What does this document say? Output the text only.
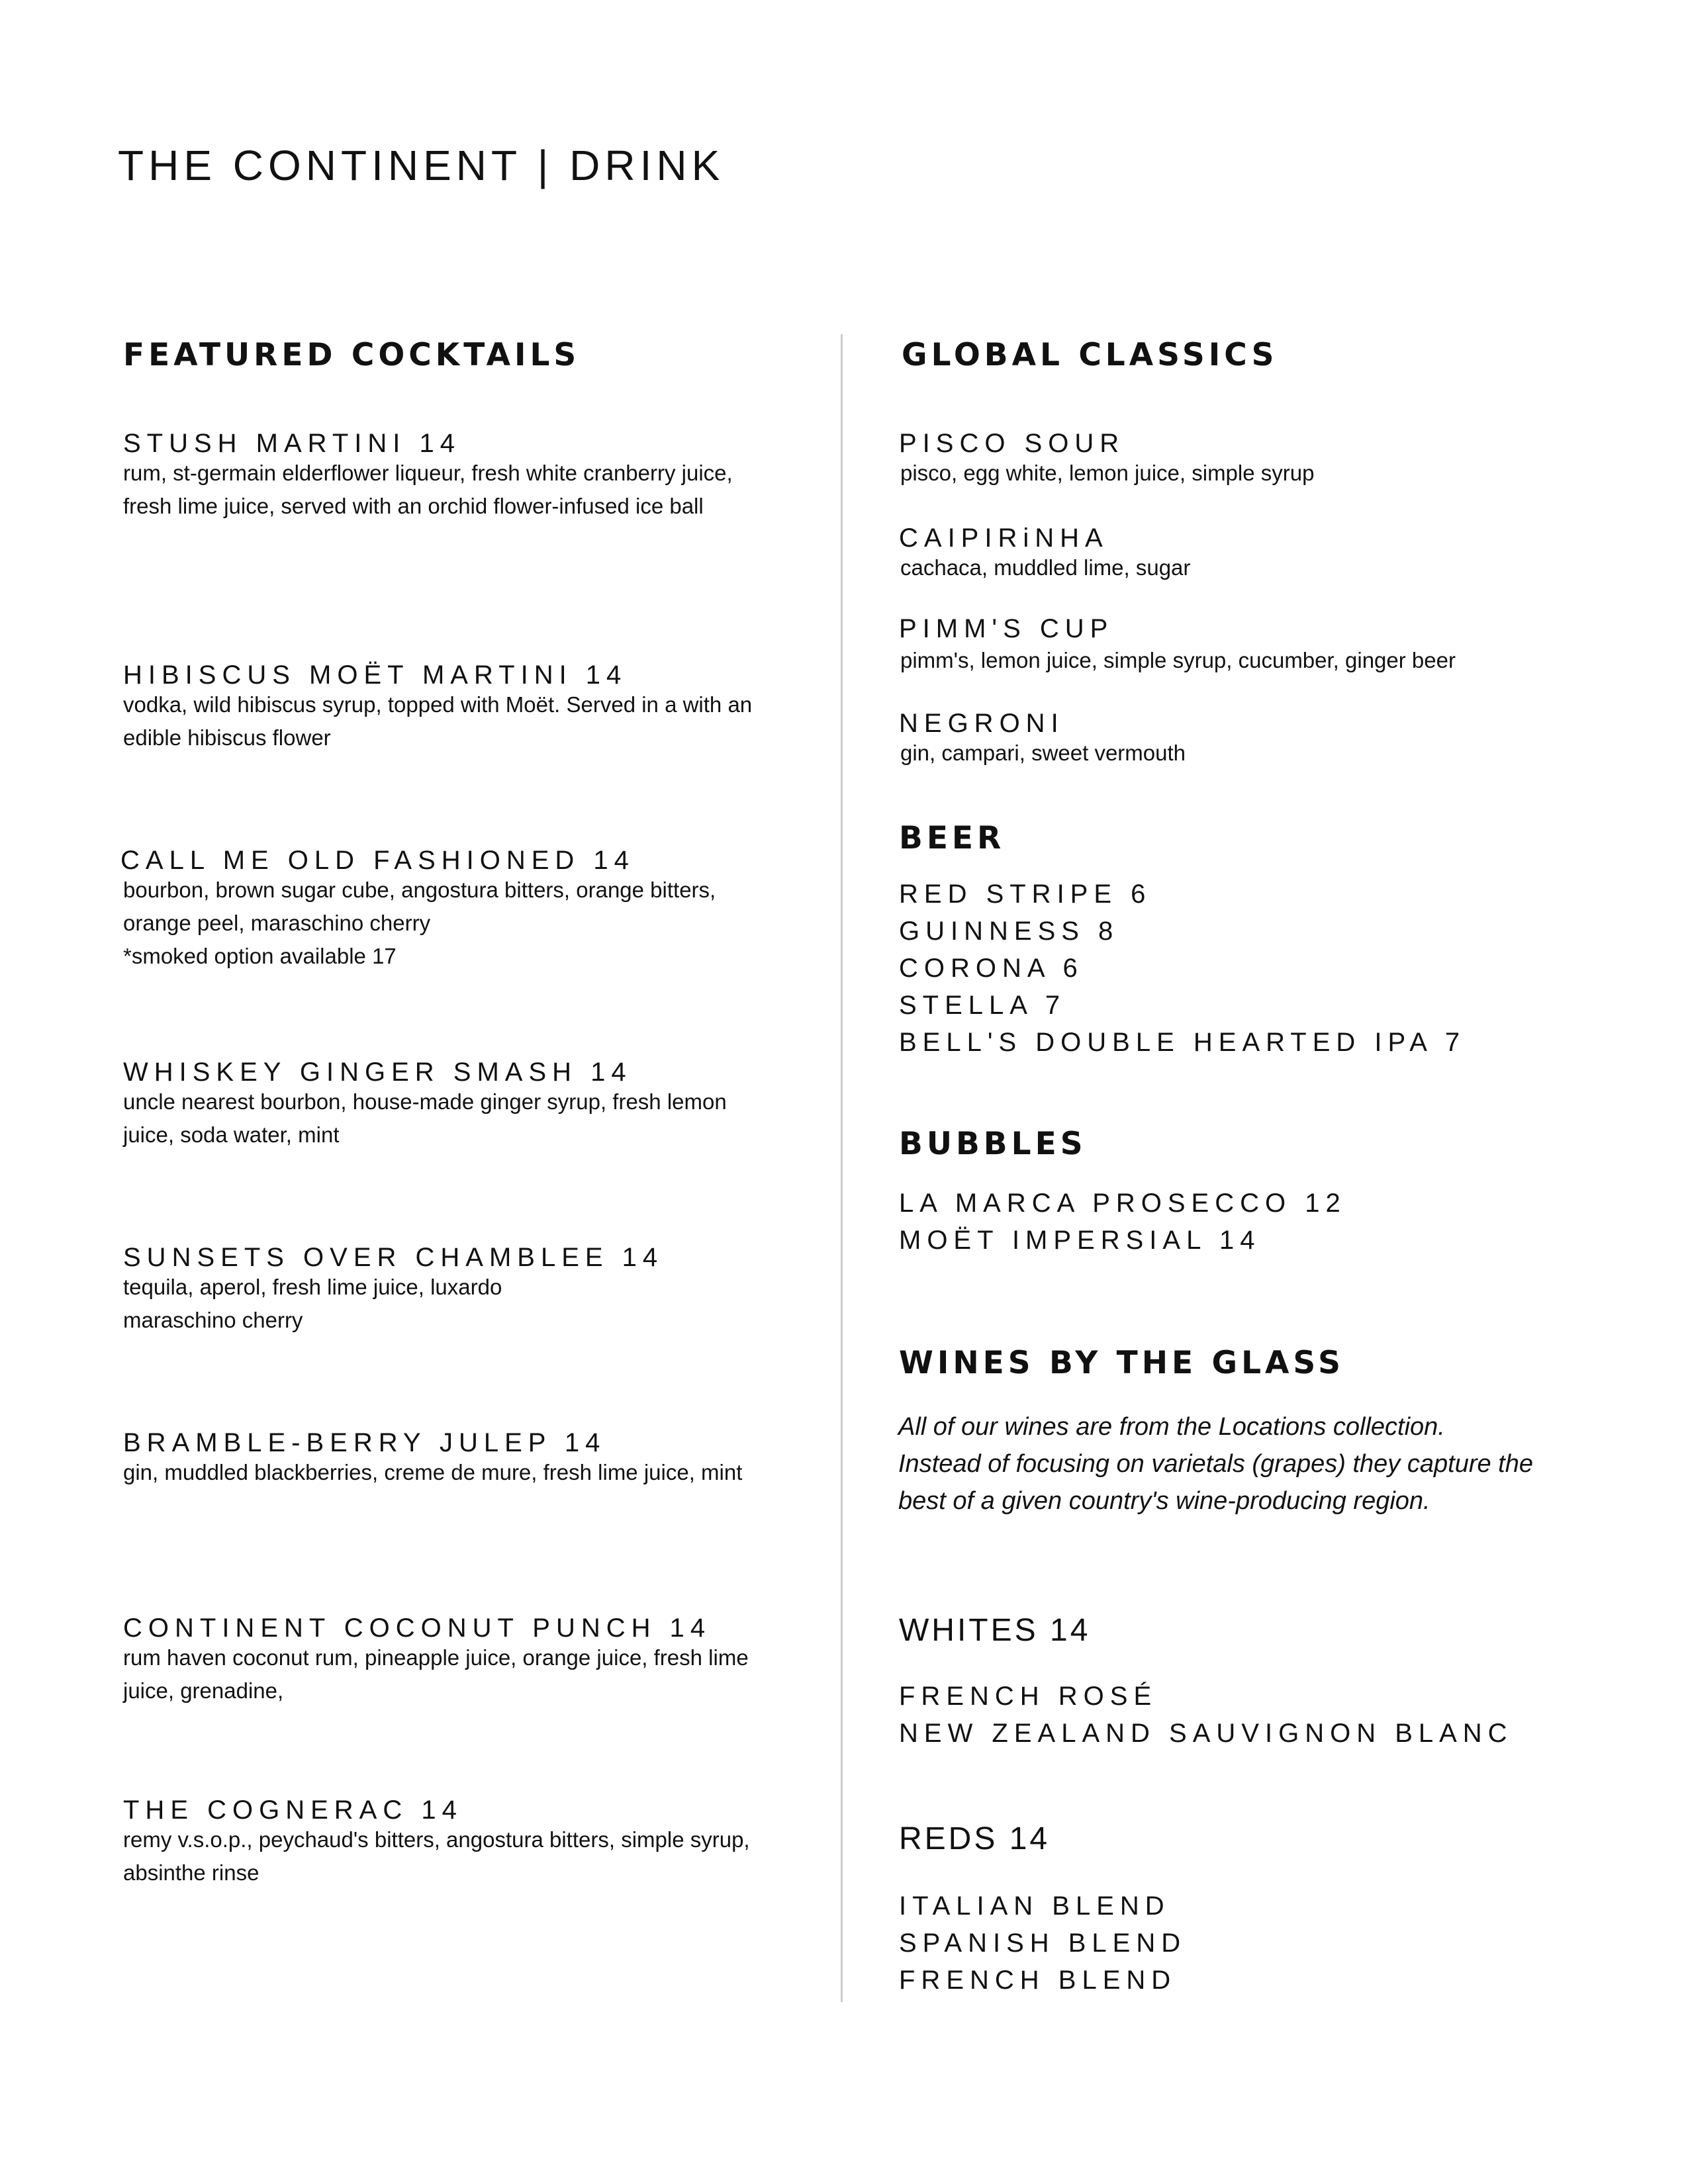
THE CONTINENT | DRINK
FEATURED COCKTAILS
STUSH MARTINI 14
rum, st-germain elderflower liqueur, fresh white cranberry juice, fresh lime juice, served with an orchid flower-infused ice ball
HIBISCUS MOËT MARTINI 14
vodka, wild hibiscus syrup, topped with Moët. Served in a with an edible hibiscus flower
CALL ME OLD FASHIONED 14
bourbon, brown sugar cube, angostura bitters, orange bitters, orange peel, maraschino cherry
*smoked option available 17
WHISKEY GINGER SMASH 14
uncle nearest bourbon, house-made ginger syrup, fresh lemon juice, soda water, mint
SUNSETS OVER CHAMBLEE 14
tequila, aperol, fresh lime juice, luxardo maraschino cherry
BRAMBLE-BERRY JULEP 14
gin, muddled blackberries, creme de mure, fresh lime juice, mint
CONTINENT COCONUT PUNCH 14
rum haven coconut rum, pineapple juice, orange juice, fresh lime juice, grenadine,
THE COGNERAC 14
remy v.s.o.p., peychaud's bitters, angostura bitters, simple syrup, absinthe rinse
GLOBAL CLASSICS
PISCO SOUR
pisco, egg white, lemon juice, simple syrup
CAIPIRiNHA
cachaca, muddled lime, sugar
PIMM'S CUP
pimm's, lemon juice, simple syrup, cucumber, ginger beer
NEGRONI
gin, campari, sweet vermouth
BEER
RED STRIPE 6
GUINNESS 8
CORONA 6
STELLA 7
BELL'S DOUBLE HEARTED IPA 7
BUBBLES
LA MARCA PROSECCO 12
MOËT IMPERSIAL 14
WINES BY THE GLASS
All of our wines are from the Locations collection. Instead of focusing on varietals (grapes) they capture the best of a given country's wine-producing region.
WHITES 14
FRENCH ROSÉ
NEW ZEALAND SAUVIGNON BLANC
REDS 14
ITALIAN BLEND
SPANISH BLEND
FRENCH BLEND
